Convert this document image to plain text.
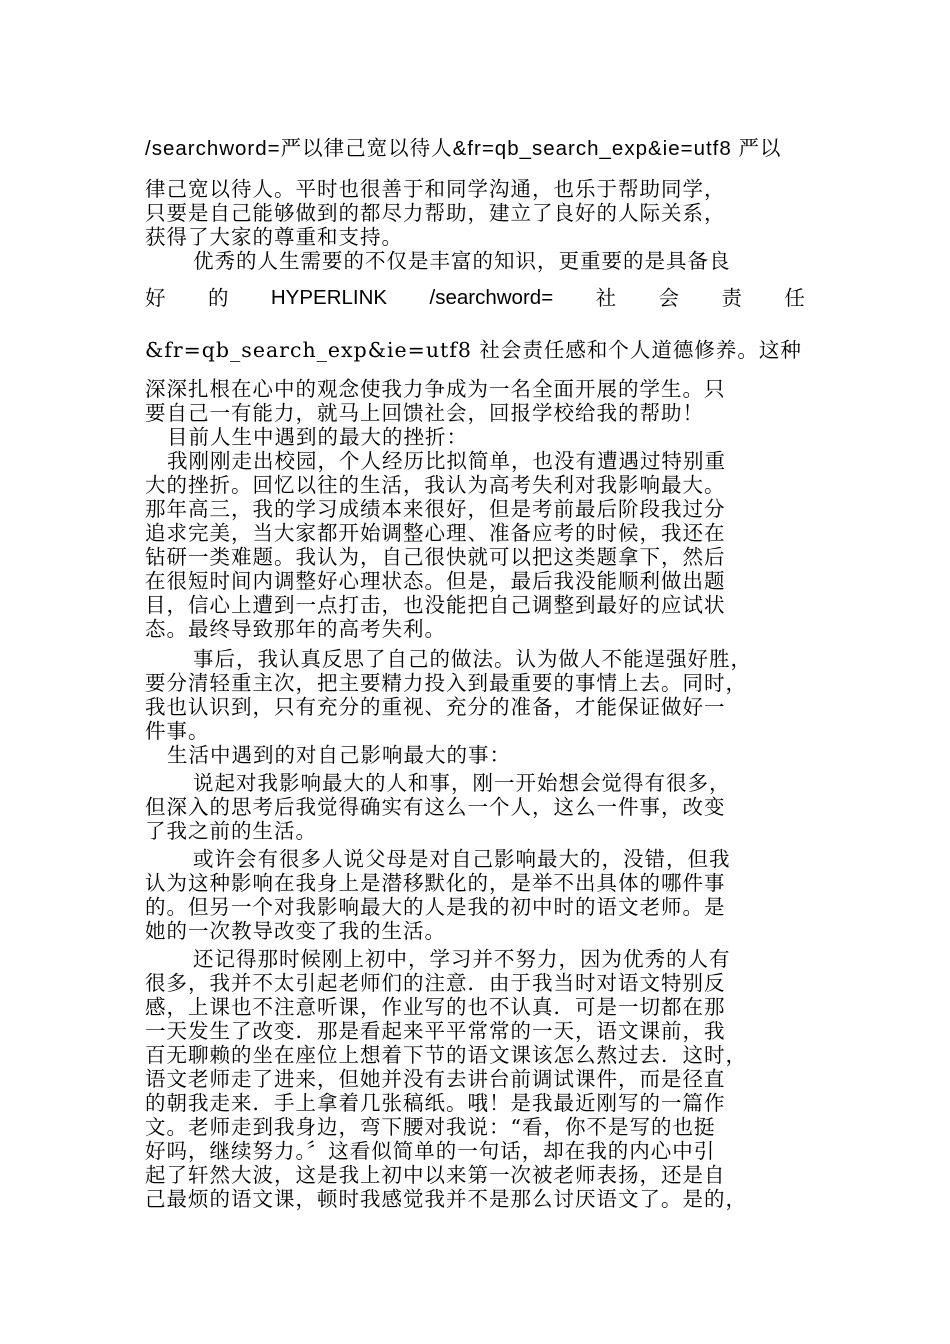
/searchword=严以律己宽以待人&fr=qb_search_exp&ie=utf8 严以
律己宽以待人。平时也很善于和同学沟通，也乐于帮助同学，
只要是自己能够做到的都尽力帮助，建立了良好的人际关系，
获得了大家的尊重和支持。
优秀的人生需要的不仅是丰富的知识，更重要的是具备良
好 的 HYPERLINK /searchword= 社 会 责 任
&fr=qb_search_exp&ie=utf8 社会责任感和个人道德修养。这种
深深扎根在心中的观念使我力争成为一名全面开展的学生。只
要自己一有能力，就马上回馈社会，回报学校给我的帮助！
目前人生中遇到的最大的挫折：
我刚刚走出校园，个人经历比拟简单，也没有遭遇过特别重
大的挫折。回忆以往的生活，我认为高考失利对我影响最大。
那年高三，我的学习成绩本来很好，但是考前最后阶段我过分
追求完美，当大家都开始调整心理、准备应考的时候，我还在
钻研一类难题。我认为，自己很快就可以把这类题拿下，然后
在很短时间内调整好心理状态。但是，最后我没能顺利做出题
目，信心上遭到一点打击，也没能把自己调整到最好的应试状
态。最终导致那年的高考失利。
事后，我认真反思了自己的做法。认为做人不能逞强好胜，
要分清轻重主次，把主要精力投入到最重要的事情上去。同时，
我也认识到，只有充分的重视、充分的准备，才能保证做好一
件事。
生活中遇到的对自己影响最大的事：
说起对我影响最大的人和事，刚一开始想会觉得有很多，
但深入的思考后我觉得确实有这么一个人，这么一件事，改变
了我之前的生活。
或许会有很多人说父母是对自己影响最大的，没错，但我
认为这种影响在我身上是潜移默化的，是举不出具体的哪件事
的。但另一个对我影响最大的人是我的初中时的语文老师。是
她的一次教导改变了我的生活。
还记得那时候刚上初中，学习并不努力，因为优秀的人有
很多，我并不太引起老师们的注意．由于我当时对语文特别反
感，上课也不注意听课，作业写的也不认真．可是一切都在那
一天发生了改变．那是看起来平平常常的一天，语文课前，我
百无聊赖的坐在座位上想着下节的语文课该怎么熬过去．这时，
语文老师走了进来，但她并没有去讲台前调试课件，而是径直
的朝我走来．手上拿着几张稿纸。哦！是我最近刚写的一篇作
文。老师走到我身边，弯下腰对我说：“看，你不是写的也挺
好吗，继续努力。〞这看似简单的一句话，却在我的内心中引
起了轩然大波，这是我上初中以来第一次被老师表扬，还是自
己最烦的语文课，顿时我感觉我并不是那么讨厌语文了。是的，
